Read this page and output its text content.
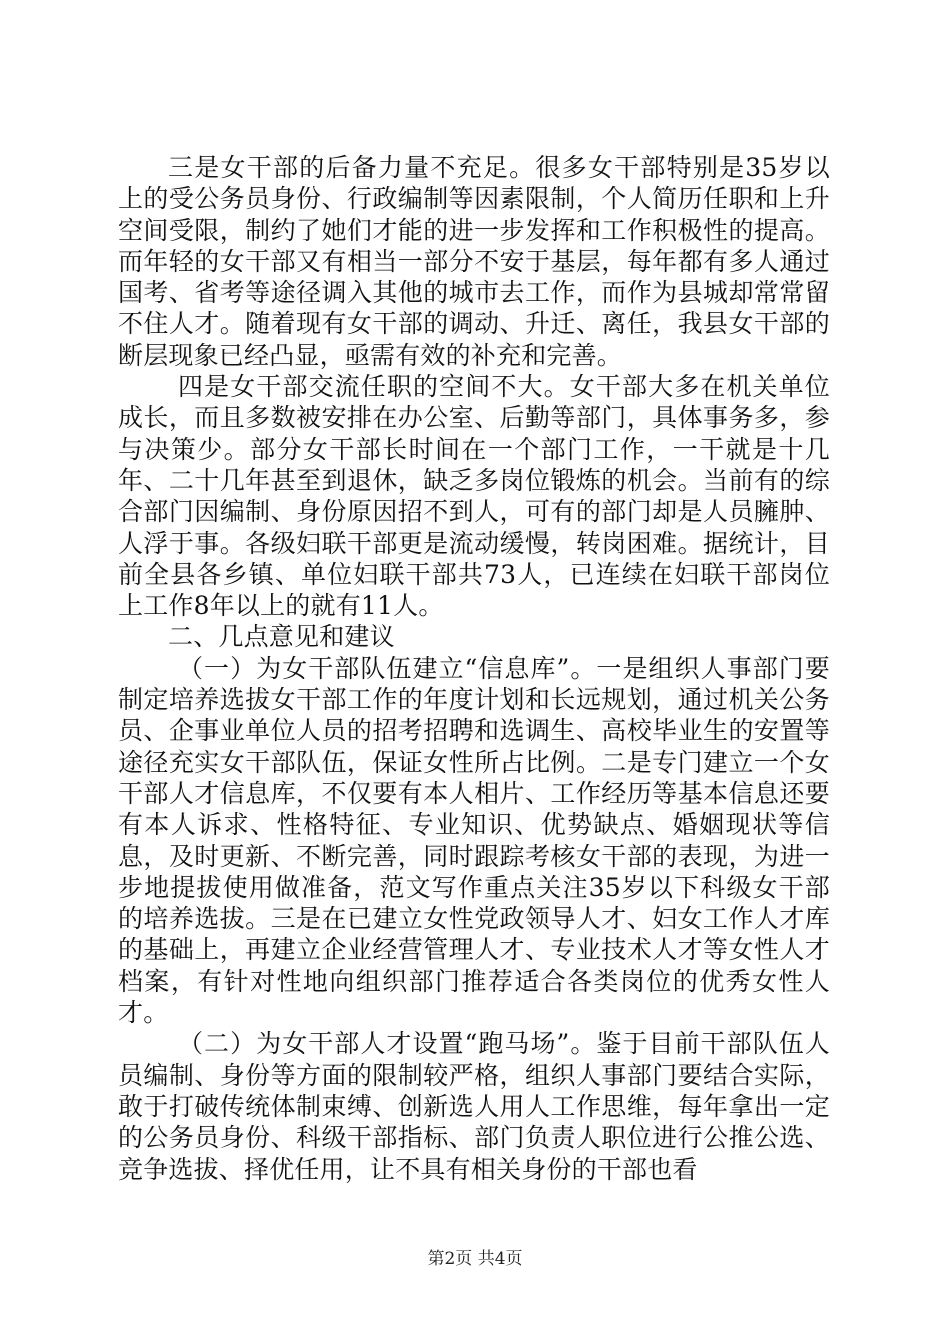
三是女干部的后备力量不充足。很多女干部特别是35岁以上的受公务员身份、行政编制等因素限制，个人简历任职和上升空间受限，制约了她们才能的进一步发挥和工作积极性的提高。而年轻的女干部又有相当一部分不安于基层，每年都有多人通过国考、省考等途径调入其他的城市去工作，而作为县城却常常留不住人才。随着现有女干部的调动、升迁、离任，我县女干部的断层现象已经凸显，亟需有效的补充和完善。

四是女干部交流任职的空间不大。女干部大多在机关单位成长，而且多数被安排在办公室、后勤等部门，具体事务多，参与决策少。部分女干部长时间在一个部门工作，一干就是十几年、二十几年甚至到退休，缺乏多岗位锻炼的机会。当前有的综合部门因编制、身份原因招不到人，可有的部门却是人员臃肿、人浮于事。各级妇联干部更是流动缓慢，转岗困难。据统计，目前全县各乡镇、单位妇联干部共73人，已连续在妇联干部岗位上工作8年以上的就有11人。

二、几点意见和建议

（一）为女干部队伍建立“信息库”。一是组织人事部门要制定培养选拔女干部工作的年度计划和长远规划，通过机关公务员、企事业单位人员的招考招聘和选调生、高校毕业生的安置等途径充实女干部队伍，保证女性所占比例。二是专门建立一个女干部人才信息库，不仅要有本人相片、工作经历等基本信息还要有本人诉求、性格特征、专业知识、优势缺点、婚姻现状等信息，及时更新、不断完善，同时跟踪考核女干部的表现，为进一步地提拔使用做准备，范文写作重点关注35岁以下科级女干部的培养选拔。三是在已建立女性党政领导人才、妇女工作人才库的基础上，再建立企业经营管理人才、专业技术人才等女性人才档案，有针对性地向组织部门推荐适合各类岗位的优秀女性人才。

（二）为女干部人才设置“跑马场”。鉴于目前干部队伍人员编制、身份等方面的限制较严格，组织人事部门要结合实际，敢于打破传统体制束缚、创新选人用人工作思维，每年拿出一定的公务员身份、科级干部指标、部门负责人职位进行公推公选、竞争选拔、择优任用，让不具有相关身份的干部也看

第2页 共4页
